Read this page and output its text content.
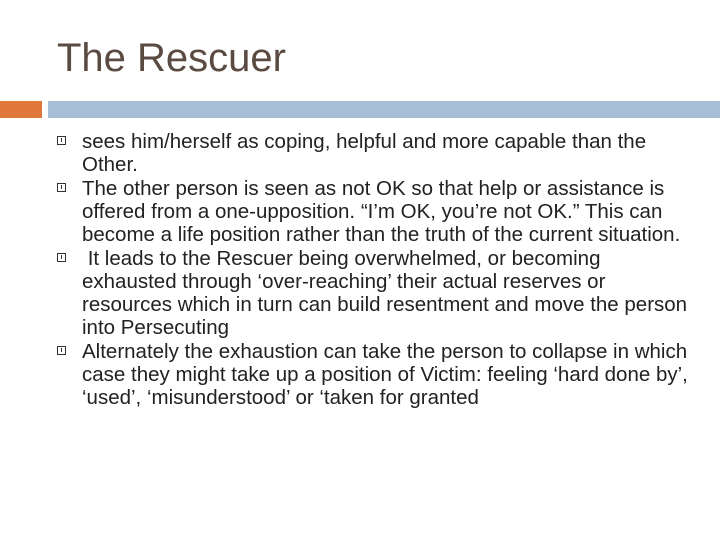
The Rescuer
sees him/herself as coping, helpful and more capable than the Other.
The other person is seen as not OK so that help or assistance is offered from a one-upposition. “I’m OK, you’re not OK.” This can become a life position rather than the truth of the current situation.
It leads to the Rescuer being overwhelmed, or becoming exhausted through ‘over-reaching’ their actual reserves or resources which in turn can build resentment and move the person into Persecuting
Alternately the exhaustion can take the person to collapse in which case they might take up a position of Victim: feeling ‘hard done by’, ‘used’, ‘misunderstood’ or ‘taken for granted
